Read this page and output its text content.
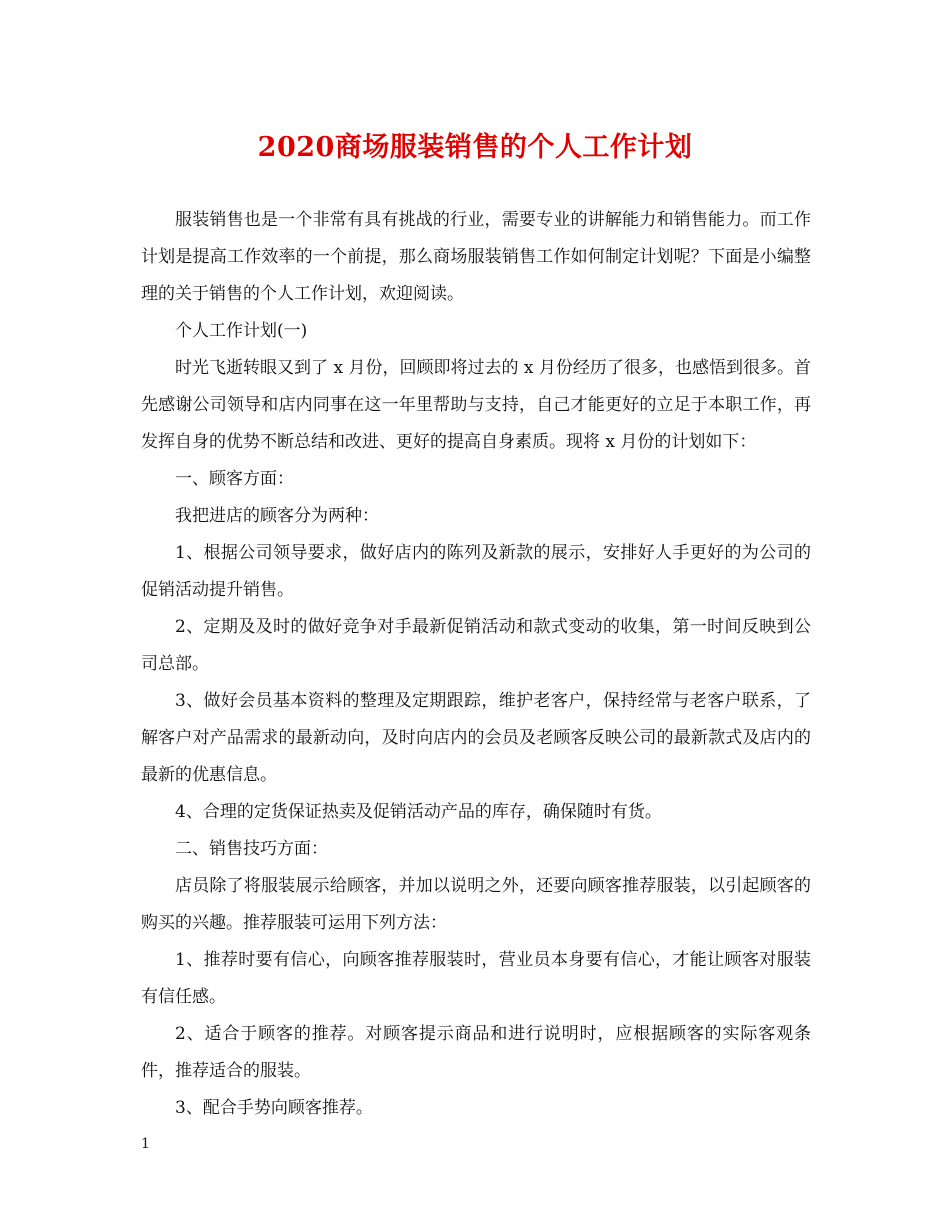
2020商场服装销售的个人工作计划

服装销售也是一个非常有具有挑战的行业，需要专业的讲解能力和销售能力。而工作计划是提高工作效率的一个前提，那么商场服装销售工作如何制定计划呢？下面是小编整理的关于销售的个人工作计划，欢迎阅读。

个人工作计划(一)

时光飞逝转眼又到了 x 月份，回顾即将过去的 x 月份经历了很多，也感悟到很多。首先感谢公司领导和店内同事在这一年里帮助与支持，自己才能更好的立足于本职工作，再发挥自身的优势不断总结和改进、更好的提高自身素质。现将 x 月份的计划如下：

一、顾客方面：

我把进店的顾客分为两种：

1、根据公司领导要求，做好店内的陈列及新款的展示，安排好人手更好的为公司的促销活动提升销售。

2、定期及及时的做好竞争对手最新促销活动和款式变动的收集，第一时间反映到公司总部。

3、做好会员基本资料的整理及定期跟踪，维护老客户，保持经常与老客户联系，了解客户对产品需求的最新动向，及时向店内的会员及老顾客反映公司的最新款式及店内的最新的优惠信息。

4、合理的定货保证热卖及促销活动产品的库存，确保随时有货。

二、销售技巧方面：

店员除了将服装展示给顾客，并加以说明之外，还要向顾客推荐服装，以引起顾客的购买的兴趣。推荐服装可运用下列方法：

1、推荐时要有信心，向顾客推荐服装时，营业员本身要有信心，才能让顾客对服装有信任感。

2、适合于顾客的推荐。对顾客提示商品和进行说明时，应根据顾客的实际客观条件，推荐适合的服装。

3、配合手势向顾客推荐。

1
